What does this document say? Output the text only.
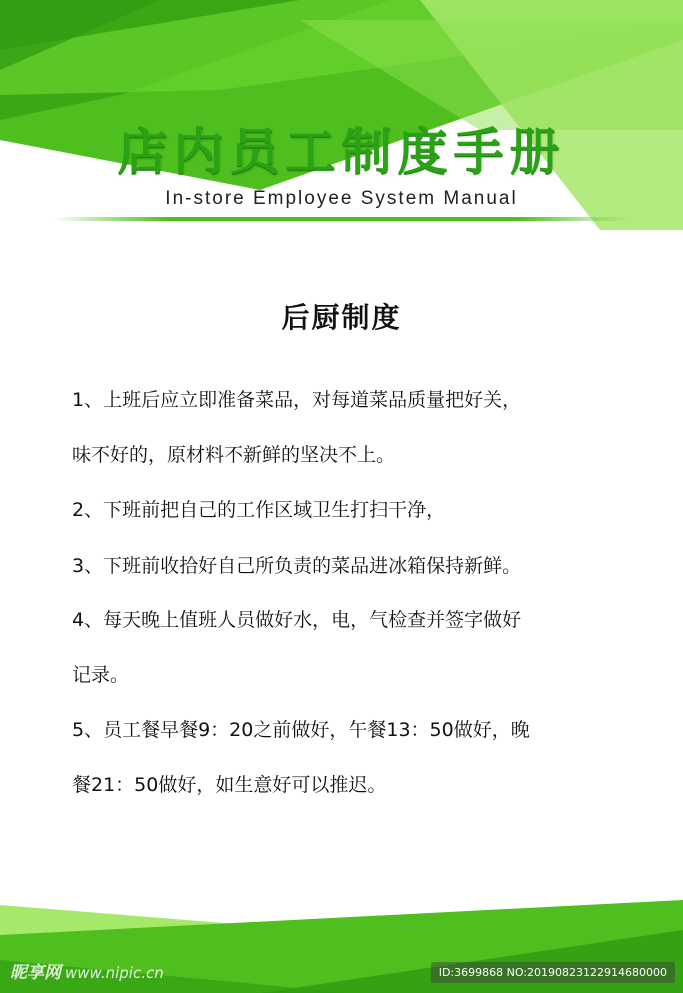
店内员工制度手册
In-store Employee System Manual
后厨制度
1、上班后应立即准备菜品，对每道菜品质量把好关，
味不好的，原材料不新鲜的坚决不上。
2、下班前把自己的工作区域卫生打扫干净，
3、下班前收拾好自己所负责的菜品进冰箱保持新鲜。
4、每天晚上值班人员做好水，电，气检查并签字做好
记录。
5、员工餐早餐9：20之前做好，午餐13：50做好，晚
餐21：50做好，如生意好可以推迟。
昵享网 www.nipic.cn	ID:3699868 NO:20190823122914680000
